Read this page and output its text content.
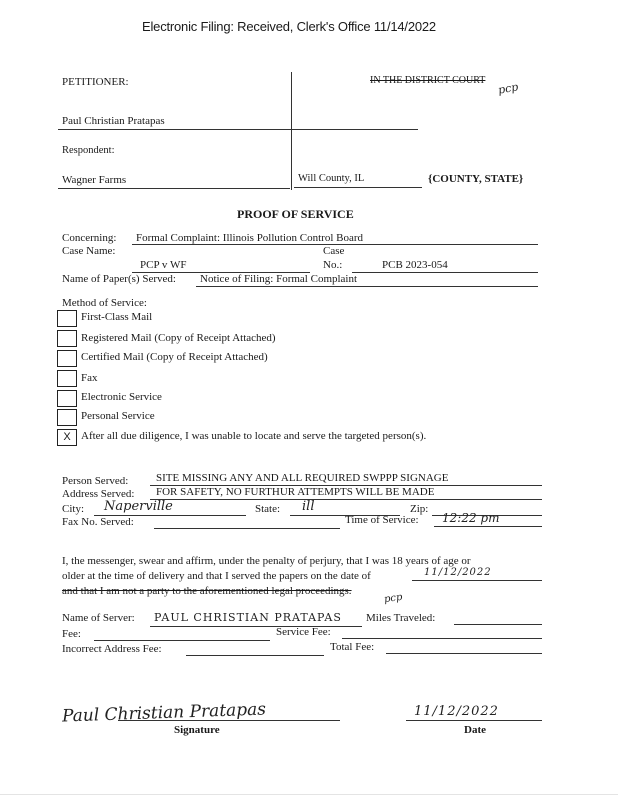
Electronic Filing: Received, Clerk's Office 11/14/2022
PETITIONER:
Paul Christian Pratapas
Respondent:
Wagner Farms
IN THE DISTRICT COURT pcp
Will County, IL	{COUNTY, STATE}
PROOF OF SERVICE
Concerning: Formal Complaint: Illinois Pollution Control Board
Case Name:
PCP v WF
Case
No.:	PCB 2023-054
Name of Paper(s) Served: Notice of Filing: Formal Complaint
Method of Service:
First-Class Mail
Registered Mail (Copy of Receipt Attached)
Certified Mail (Copy of Receipt Attached)
Fax
Electronic Service
Personal Service
X After all due diligence, I was unable to locate and serve the targeted person(s).
Person Served:	SITE MISSING ANY AND ALL REQUIRED SWPPP SIGNAGE
Address Served: FOR SAFETY, NO FURTHUR ATTEMPTS WILL BE MADE
City: Naperville	State: ill	Zip:
Fax No. Served:	Time of Service: 12:22 pm
I, the messenger, swear and affirm, under the penalty of perjury, that I was 18 years of age or
older at the time of delivery and that I served the papers on the date of	11/12/2022
and that I am not a party to the aforementioned legal proceedings.
pcp
Name of Server: PAUL CHRISTIAN PRATAPAS Miles Traveled:
Fee:	Service Fee:
Incorrect Address Fee:	Total Fee:
Paul Christian Pratapas
Signature
11/12/2022
Date
